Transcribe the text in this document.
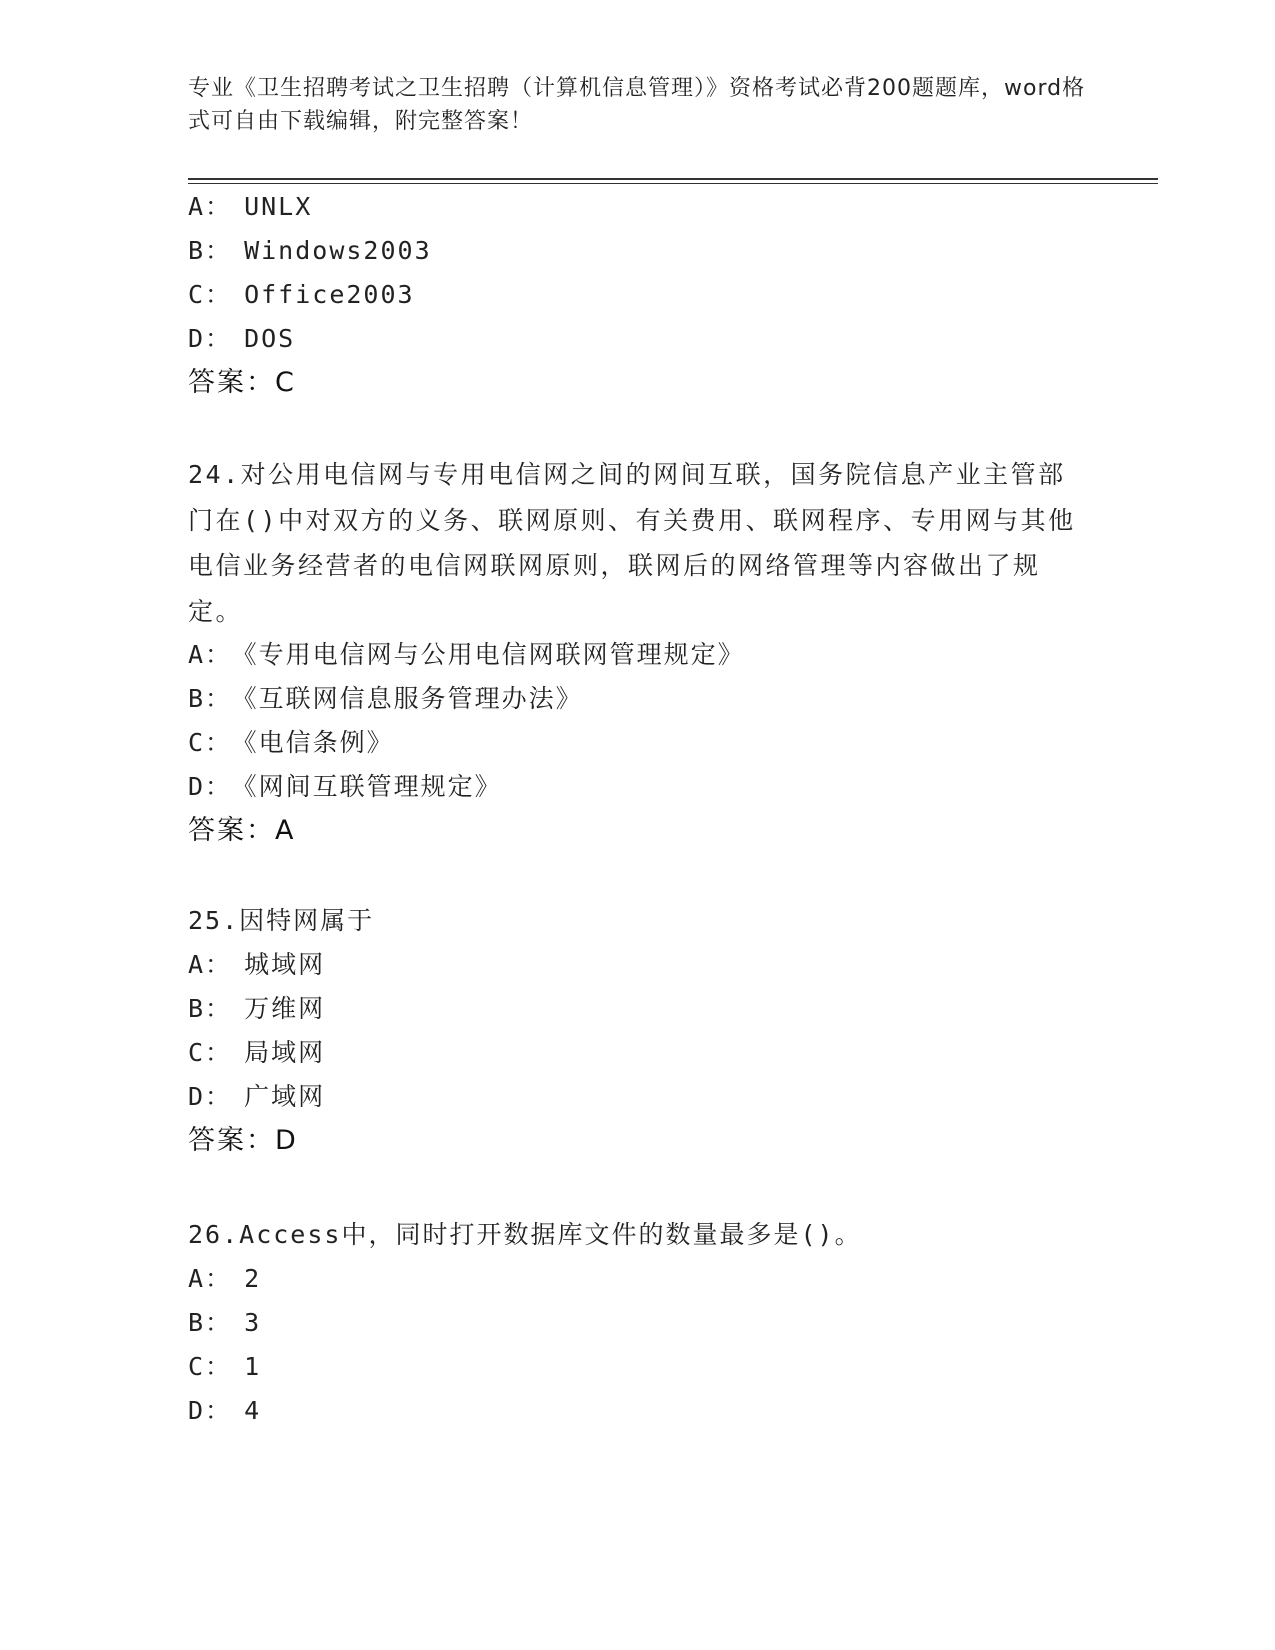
专业《卫生招聘考试之卫生招聘（计算机信息管理）》资格考试必背200题题库，word格式可自由下载编辑，附完整答案！
A： UNLX
B： Windows2003
C： Office2003
D： DOS
答案：C
24.对公用电信网与专用电信网之间的网间互联，国务院信息产业主管部门在()中对双方的义务、联网原则、有关费用、联网程序、专用网与其他电信业务经营者的电信网联网原则，联网后的网络管理等内容做出了规定。
A： 《专用电信网与公用电信网联网管理规定》
B： 《互联网信息服务管理办法》
C： 《电信条例》
D： 《网间互联管理规定》
答案：A
25.因特网属于
A： 城域网
B： 万维网
C： 局域网
D： 广域网
答案：D
26.Access中，同时打开数据库文件的数量最多是()。
A： 2
B： 3
C： 1
D： 4
